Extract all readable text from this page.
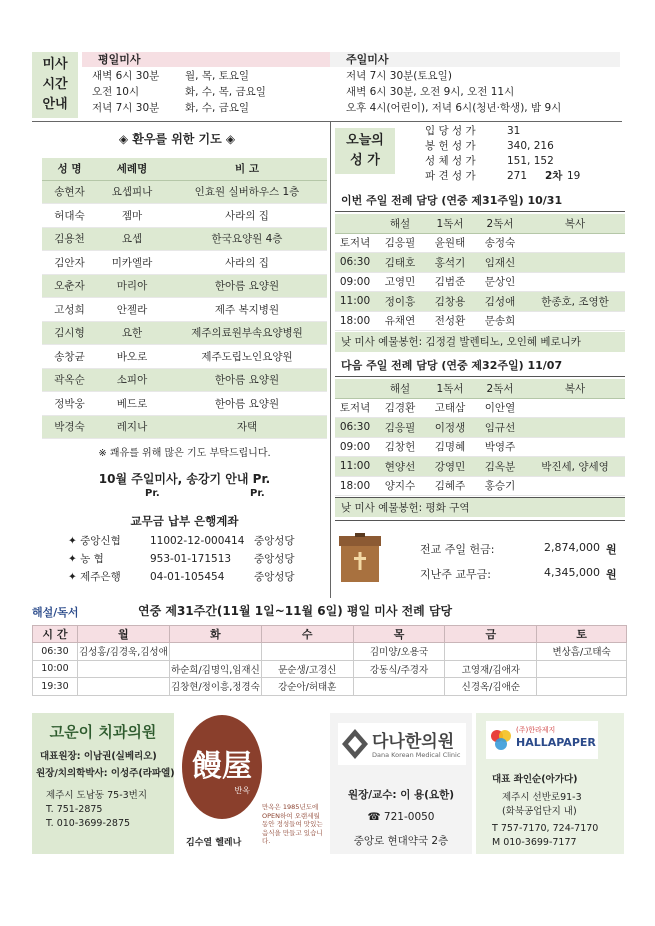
미사
시간
안내
평일미사	주일미사
새벽 6시 30분 월, 목, 토요일
오전 10시	화, 수, 목, 금요일
저녁 7시 30분 화, 수, 금요일
저녁 7시 30분(토요일)
새벽 6시 30분, 오전 9시, 오전 11시
오후 4시(어린이), 저녁 6시(청년·학생), 밤 9시
◈ 환우를 위한 기도 ◈
성 명	세례명	비 고
송현자	요셉피나	인효원 실버하우스 1층
허대숙	젬마	사라의 집
김용천	요셉	한국요양원 4층
김안자	미카엘라	사라의 집
오춘자	마리아	한아름 요양원
고성희	안젤라	제주 복지병원
김시형	요한	제주의료원부속요양병원
송창균	바오로	제주도립노인요양원
곽옥순	소피아	한아름 요양원
정박웅	베드로	한아름 요양원
박경숙	레지나	자택
※ 쾌유를 위해 많은 기도 부탁드립니다.
10월 주일미사, 송강기 안내 Pr.
Pr.	Pr.
교무금 납부 은행계좌
✦ 중앙신협	11002-12-000414 중앙성당
✦ 농 협	953-01-171513 중앙성당
✦ 제주은행	04-01-105454	중앙성당
오늘의
성 가
입 당 성 가	31
봉 헌 성 가	340, 216
성 체 성 가	151, 152
파 견 성 가	271 2차 19
이번 주일 전례 담당 (연중 제31주일) 10/31
	해설	1독서	2독서	복사
토저녁	김응필	윤원태	송정숙	
06:30	김태호	홍석기	임재신	
09:00	고영민	김범준	문상인	
11:00	정이흥	김창용	김성애	한종호, 조영한
18:00	유채연	전성환	문송희	
낮 미사 예물봉헌: 김정걸 발렌티노, 오인혜 베로니카
다음 주일 전례 담당 (연중 제32주일) 11/07
	해설	1독서	2독서	복사
토저녁	김경환	고태삼	이안열	
06:30	김응필	이정생	임규선	
09:00	김창헌	김명혜	박영주	
11:00	현양선	강영민	김옥분	박진세, 양세영
18:00	양지수	김혜주	홍승기	
낮 미사 예물봉헌: 평화 구역
전교 주일 헌금:	2,874,000 원
지난주 교무금:	4,345,000 원
해설/독서	연중 제31주간(11월 1일~11월 6일) 평일 미사 전례 담당
시 간	월	화	수	목	금	토
06:30	김성홍/김경욱,김성애			김미양/오용국		변상흠/고태숙
10:00		하순희/김명익,임재신	문순생/고경신	강동식/주경자	고영재/김애자	
19:30		김창현/정이흥,정경숙	강순아/허태훈		신경옥/김애순	
고운이 치과의원
대표원장: 이남권(실베리오)
원장/치의학박사: 이성주(라파엘)
제주시 도남동 75-3번지
T. 751-2875
T. 010-3699-2875
饅屋
반옥
김수열 헬레나
만옥은 1985년도에 OPEN하여 오랜세월 동안 정성들여 맛있는 음식을 만들고 있습니다.
다나한의원
Dana Korean Medical Clinic
원장/교수: 이 용(요한)
☎ 721-0050
중앙로 현대약국 2층
(주)한라제지
HALLAPAPER
대표 좌인순(아가다)
제주시 선반로91-3
(화북공업단지 내)
T 757-7170, 724-7170
M 010-3699-7177
